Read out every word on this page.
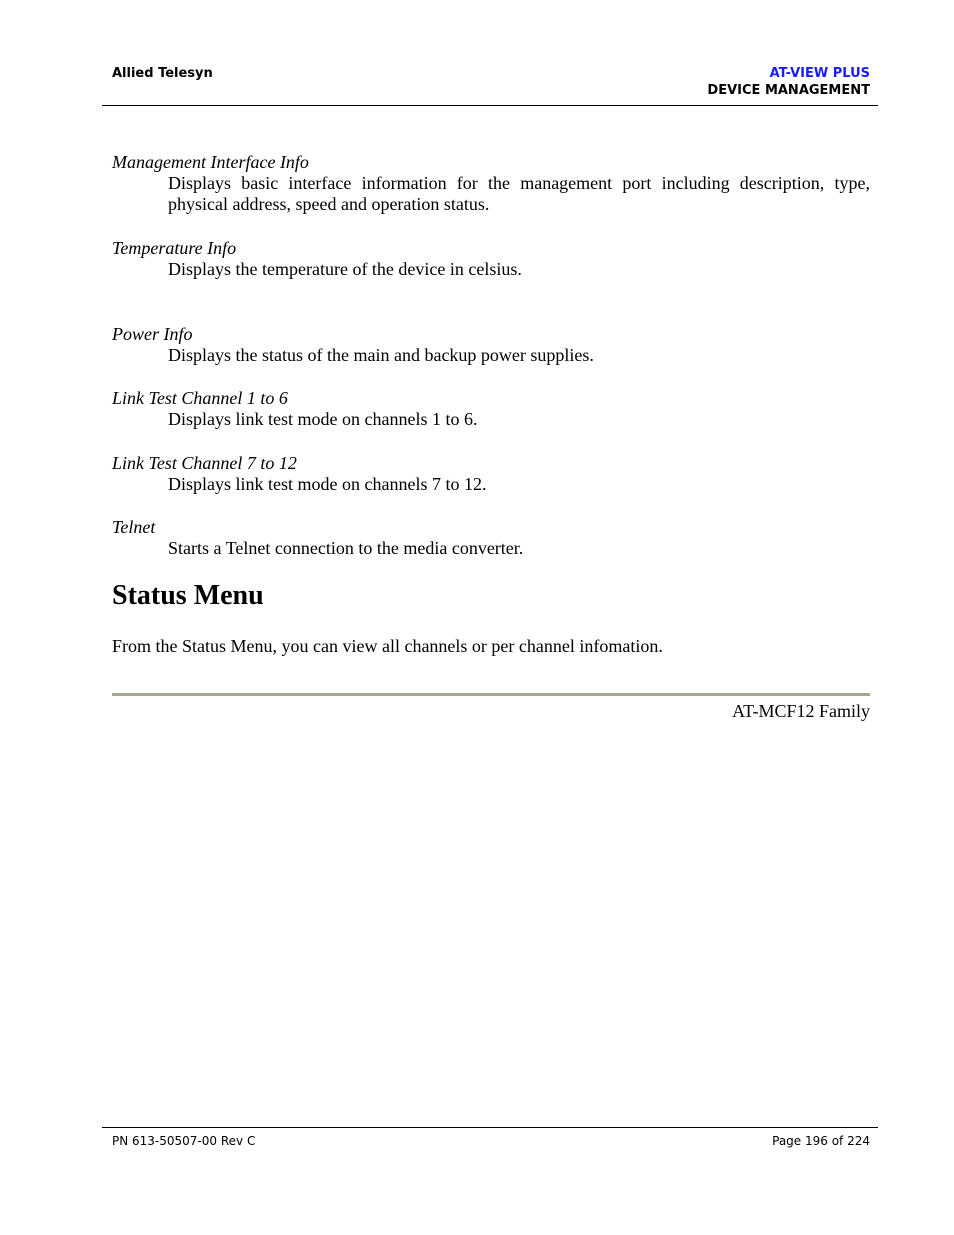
Allied Telesyn	AT-VIEW PLUS
DEVICE MANAGEMENT
Management Interface Info
Displays basic interface information for the management port including description, type, physical address, speed and operation status.
Temperature Info
Displays the temperature of the device in celsius.
Power Info
Displays the status of the main and backup power supplies.
Link Test Channel 1 to 6
Displays link test mode on channels 1 to 6.
Link Test Channel 7 to 12
Displays link test mode on channels 7 to 12.
Telnet
Starts a Telnet connection to the media converter.
Status Menu
From the Status Menu, you can view all channels or per channel infomation.
AT-MCF12 Family
PN 613-50507-00 Rev C	Page 196 of 224
